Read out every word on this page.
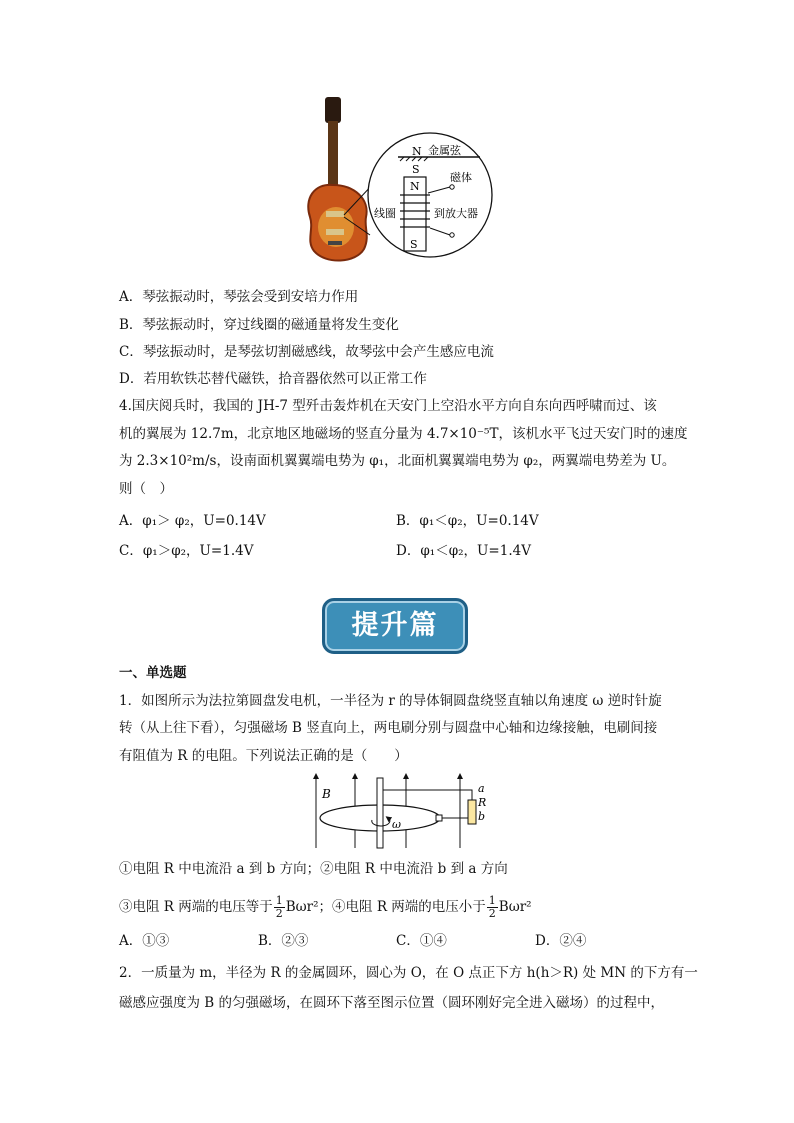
N 金属弦
S
N
S
磁体
线圈	到放大器
A．琴弦振动时，琴弦会受到安培力作用
B．琴弦振动时，穿过线圈的磁通量将发生变化
C．琴弦振动时，是琴弦切割磁感线，故琴弦中会产生感应电流
D．若用软铁芯替代磁铁，拾音器依然可以正常工作
4.国庆阅兵时，我国的 JH-7 型歼击轰炸机在天安门上空沿水平方向自东向西呼啸而过、该
机的翼展为 12.7m，北京地区地磁场的竖直分量为 4.7×10⁻⁵T，该机水平飞过天安门时的速度
为 2.3×10²m/s，设南面机翼翼端电势为 φ₁，北面机翼翼端电势为 φ₂，两翼端电势差为 U。
则（　）
A．φ₁＞ φ₂，U=0.14V	B．φ₁＜φ₂，U=0.14V
C．φ₁＞φ₂，U=1.4V	D．φ₁＜φ₂，U=1.4V
提升篇
一、单选题
1．如图所示为法拉第圆盘发电机，一半径为 r 的导体铜圆盘绕竖直轴以角速度 ω 逆时针旋
转（从上往下看），匀强磁场 B 竖直向上，两电刷分别与圆盘中心轴和边缘接触，电刷间接
有阻值为 R 的电阻。下列说法正确的是（　　）
B	a
R
b
ω
①电阻 R 中电流沿 a 到 b 方向；②电阻 R 中电流沿 b 到 a 方向
③电阻 R 两端的电压等于 $\frac{1}{2} B\omega r^2$；④电阻 R 两端的电压小于 $\frac{1}{2} B\omega r^2$
A．①③	B．②③	C．①④	D．②④
2．一质量为 m，半径为 R 的金属圆环，圆心为 O，在 O 点正下方 h(h＞R) 处 MN 的下方有一
磁感应强度为 B 的匀强磁场，在圆环下落至图示位置（圆环刚好完全进入磁场）的过程中，
